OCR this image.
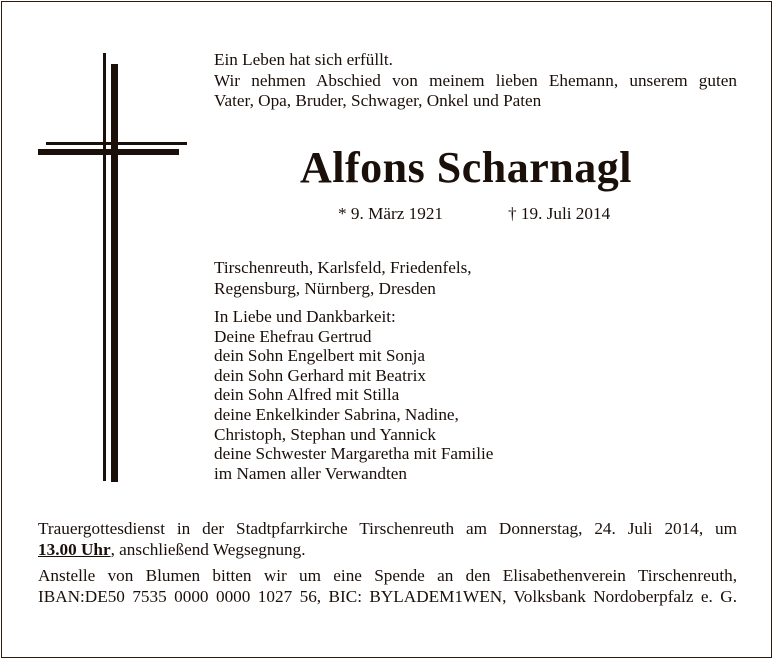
Ein Leben hat sich erfüllt.
Wir nehmen Abschied von meinem lieben Ehemann, unserem guten
Vater, Opa, Bruder, Schwager, Onkel und Paten
Alfons Scharnagl
* 9. März 1921	† 19. Juli 2014
Tirschenreuth, Karlsfeld, Friedenfels,
Regensburg, Nürnberg, Dresden
In Liebe und Dankbarkeit:
Deine Ehefrau Gertrud
dein Sohn Engelbert mit Sonja
dein Sohn Gerhard mit Beatrix
dein Sohn Alfred mit Stilla
deine Enkelkinder Sabrina, Nadine,
Christoph, Stephan und Yannick
deine Schwester Margaretha mit Familie
im Namen aller Verwandten
Trauergottesdienst in der Stadtpfarrkirche Tirschenreuth am Donnerstag, 24. Juli 2014, um
13.00 Uhr, anschließend Wegsegnung.
Anstelle von Blumen bitten wir um eine Spende an den Elisabethenverein Tirschenreuth,
IBAN:DE50 7535 0000 0000 1027 56, BIC: BYLADEM1WEN, Volksbank Nordoberpfalz e. G.
